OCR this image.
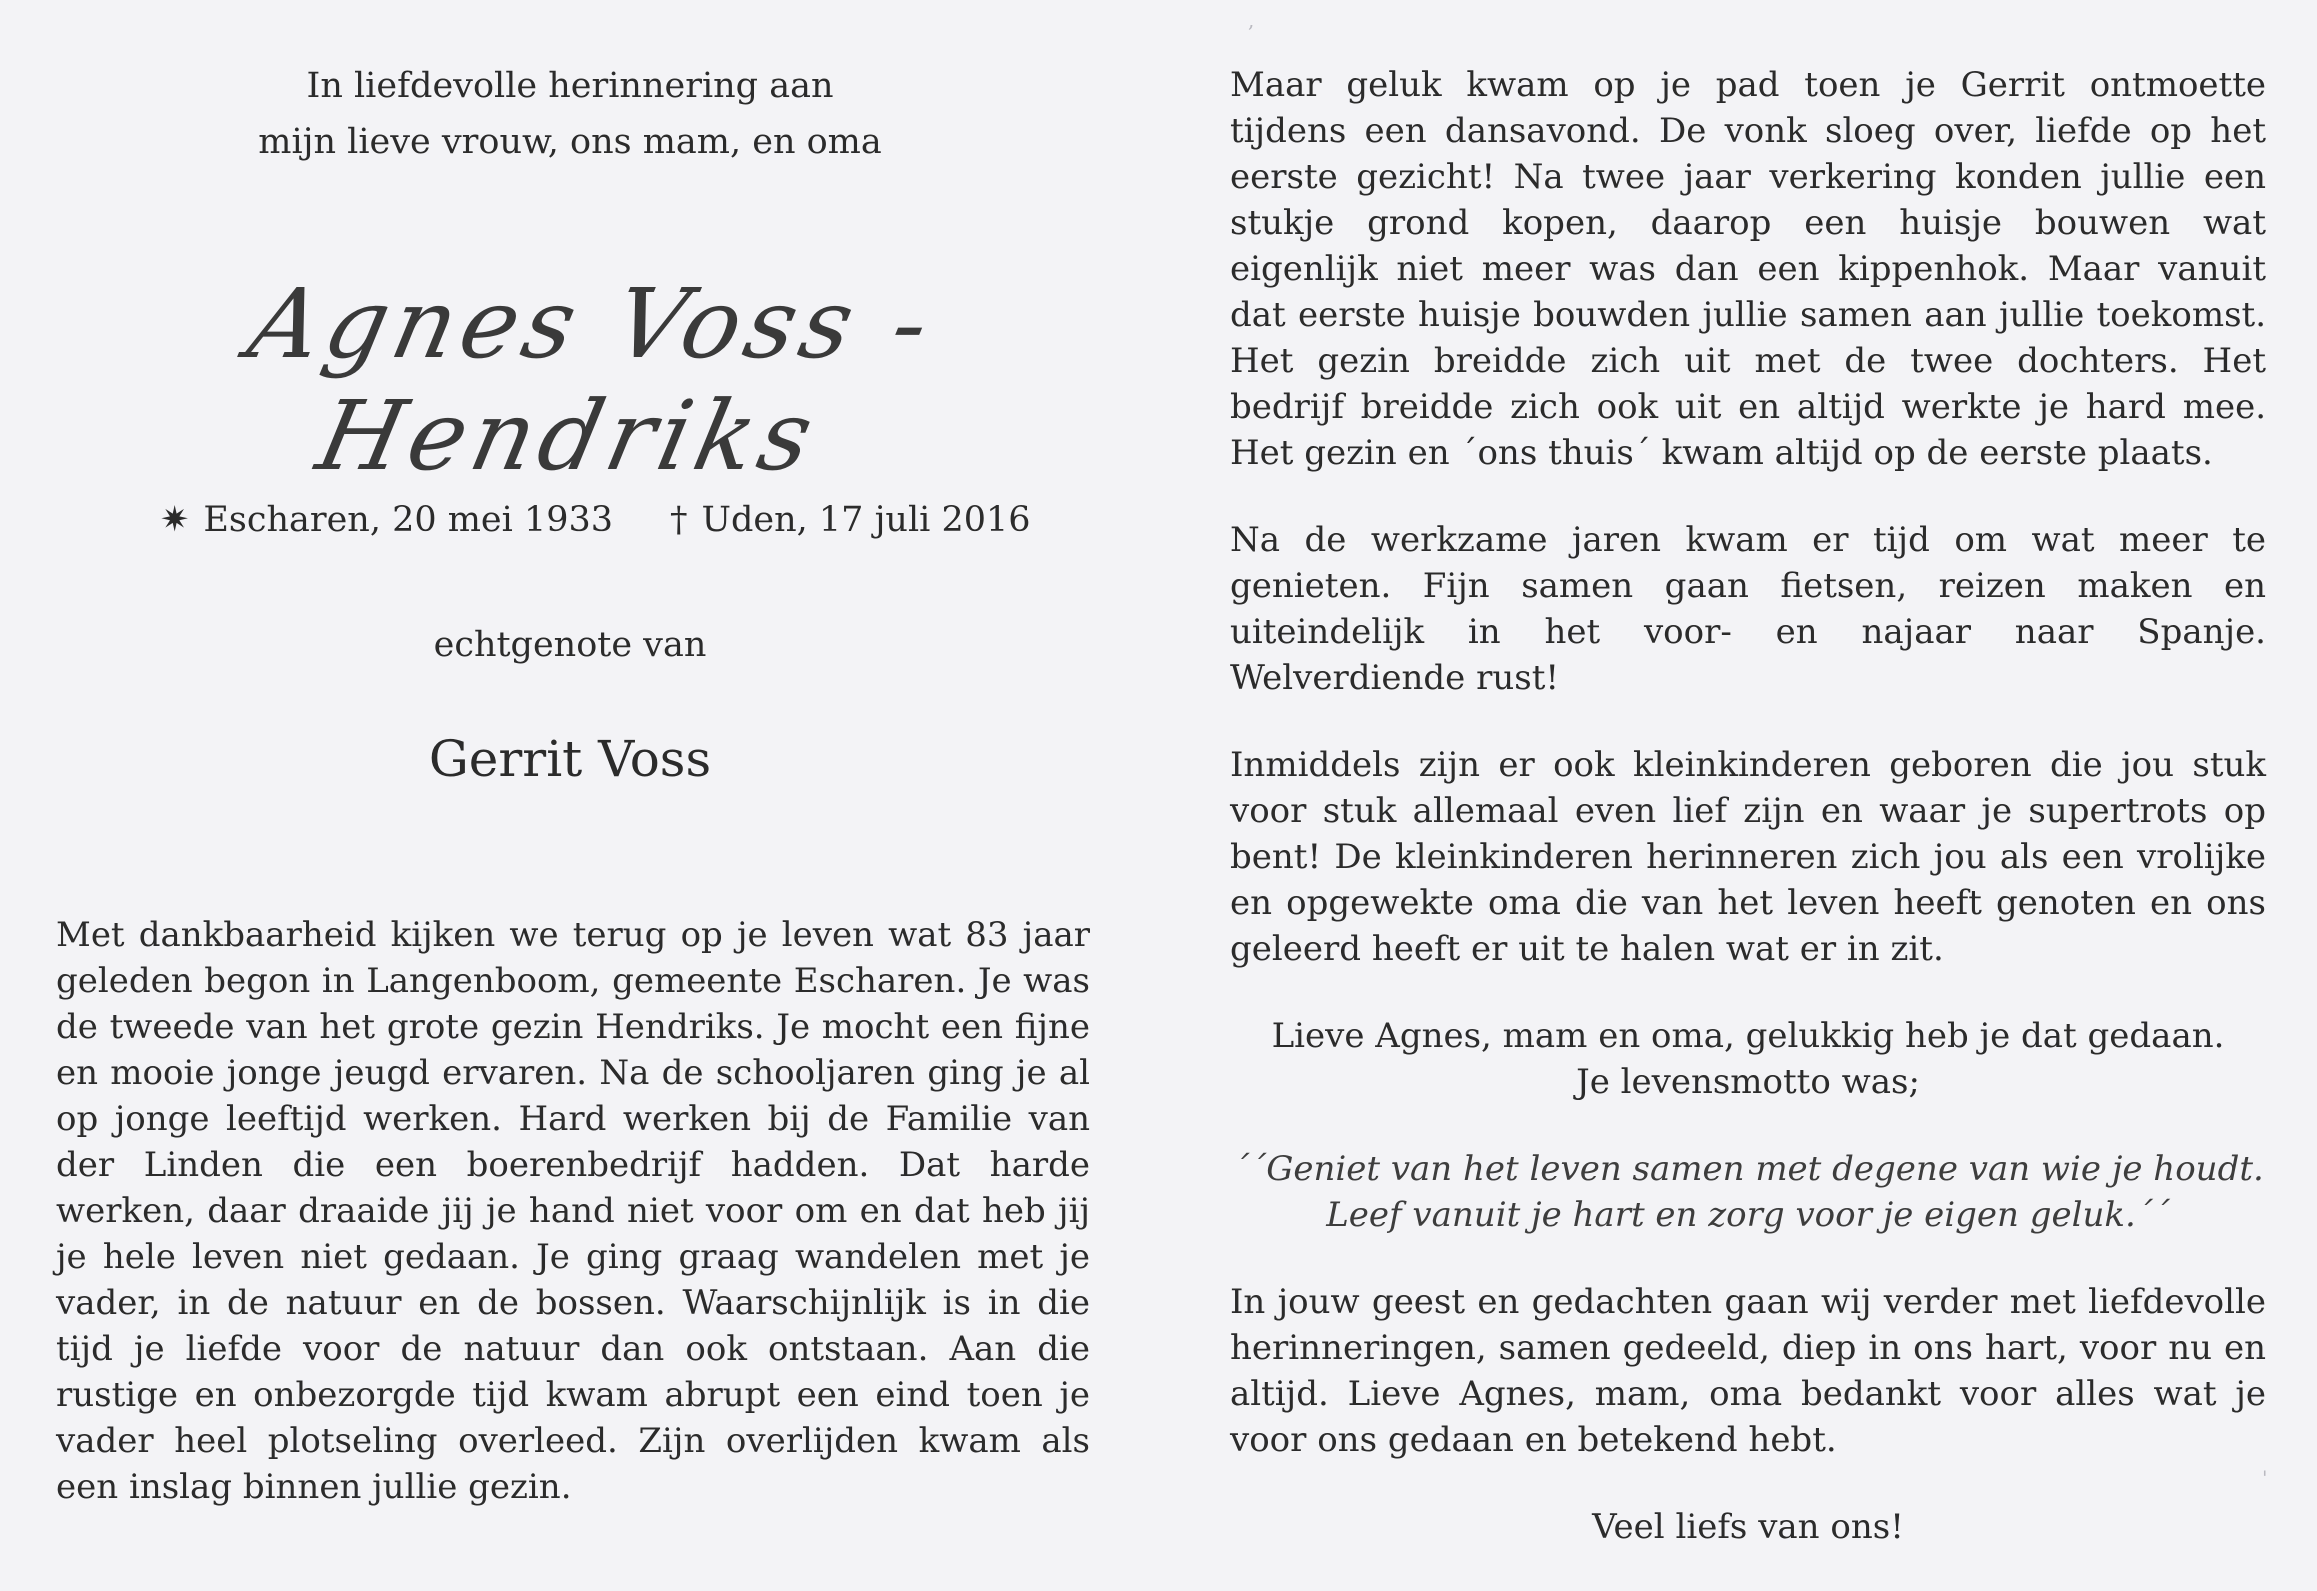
In liefdevolle herinnering aan
mijn lieve vrouw, ons mam, en oma
Agnes Voss - Hendriks
✷ Escharen, 20 mei 1933 † Uden, 17 juli 2016
echtgenote van
Gerrit Voss
Met dankbaarheid kijken we terug op je leven wat 83 jaar geleden begon in Langenboom, gemeente Escharen. Je was de tweede van het grote gezin Hendriks. Je mocht een fijne en mooie jonge jeugd ervaren. Na de schooljaren ging je al op jonge leeftijd werken. Hard werken bij de Familie van der Linden die een boerenbedrijf hadden. Dat harde werken, daar draaide jij je hand niet voor om en dat heb jij je hele leven niet gedaan. Je ging graag wandelen met je vader, in de natuur en de bossen. Waarschijnlijk is in die tijd je liefde voor de natuur dan ook ontstaan. Aan die rustige en onbezorgde tijd kwam abrupt een eind toen je vader heel plotseling overleed. Zijn overlijden kwam als een inslag binnen jullie gezin.

Maar geluk kwam op je pad toen je Gerrit ontmoette tijdens een dansavond. De vonk sloeg over, liefde op het eerste gezicht! Na twee jaar verkering konden jullie een stukje grond kopen, daarop een huisje bouwen wat eigenlijk niet meer was dan een kippenhok. Maar vanuit dat eerste huisje bouwden jullie samen aan jullie toekomst. Het gezin breidde zich uit met de twee dochters. Het bedrijf breidde zich ook uit en altijd werkte je hard mee. Het gezin en ´ons thuis´ kwam altijd op de eerste plaats.

Na de werkzame jaren kwam er tijd om wat meer te genieten. Fijn samen gaan fietsen, reizen maken en uiteindelijk in het voor- en najaar naar Spanje. Welverdiende rust!

Inmiddels zijn er ook kleinkinderen geboren die jou stuk voor stuk allemaal even lief zijn en waar je supertrots op bent! De kleinkinderen herinneren zich jou als een vrolijke en opgewekte oma die van het leven heeft genoten en ons geleerd heeft er uit te halen wat er in zit.

Lieve Agnes, mam en oma, gelukkig heb je dat gedaan.
Je levensmotto was;

´´Geniet van het leven samen met degene van wie je houdt.
Leef vanuit je hart en zorg voor je eigen geluk.´´

In jouw geest en gedachten gaan wij verder met liefdevolle herinneringen, samen gedeeld, diep in ons hart, voor nu en altijd. Lieve Agnes, mam, oma bedankt voor alles wat je voor ons gedaan en betekend hebt.

Veel liefs van ons!

,
'
